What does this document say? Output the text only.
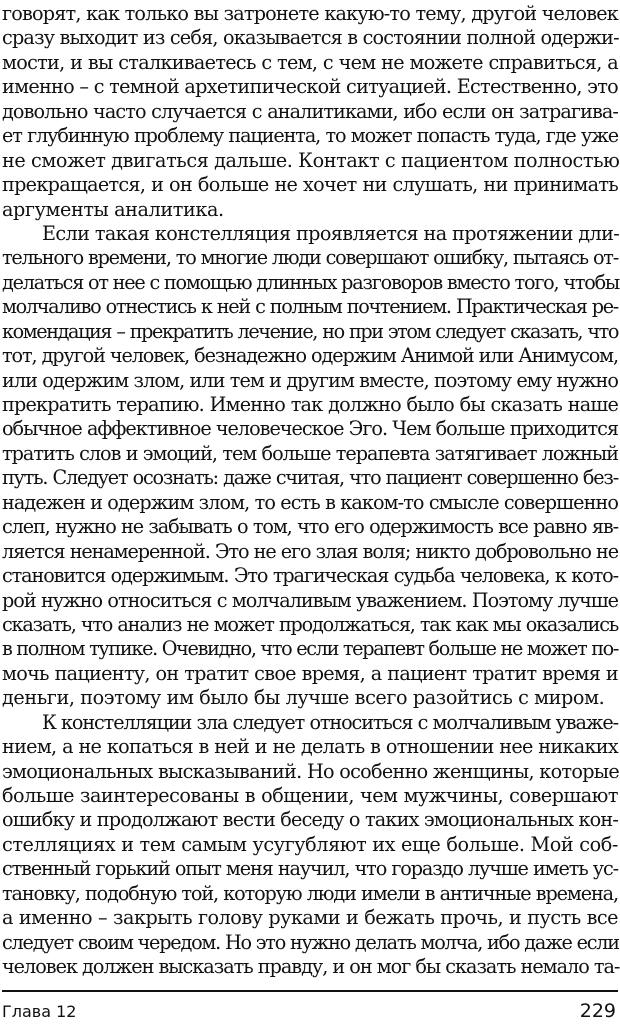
говорят, как только вы затронете какую-то тему, другой человек
сразу выходит из себя, оказывается в состоянии полной одержи-
мости, и вы сталкиваетесь с тем, с чем не можете справиться, а
именно – с темной архетипической ситуацией. Естественно, это
довольно часто случается с аналитиками, ибо если он затрагива-
ет глубинную проблему пациента, то может попасть туда, где уже
не сможет двигаться дальше. Контакт с пациентом полностью
прекращается, и он больше не хочет ни слушать, ни принимать
аргументы аналитика.
Если такая констелляция проявляется на протяжении дли-
тельного времени, то многие люди совершают ошибку, пытаясь от-
делаться от нее с помощью длинных разговоров вместо того, чтобы
молчаливо отнестись к ней с полным почтением. Практическая ре-
комендация – прекратить лечение, но при этом следует сказать, что
тот, другой человек, безнадежно одержим Анимой или Анимусом,
или одержим злом, или тем и другим вместе, поэтому ему нужно
прекратить терапию. Именно так должно было бы сказать наше
обычное аффективное человеческое Эго. Чем больше приходится
тратить слов и эмоций, тем больше терапевта затягивает ложный
путь. Следует осознать: даже считая, что пациент совершенно без-
надежен и одержим злом, то есть в каком-то смысле совершенно
слеп, нужно не забывать о том, что его одержимость все равно яв-
ляется ненамеренной. Это не его злая воля; никто добровольно не
становится одержимым. Это трагическая судьба человека, к кото-
рой нужно относиться с молчаливым уважением. Поэтому лучше
сказать, что анализ не может продолжаться, так как мы оказались
в полном тупике. Очевидно, что если терапевт больше не может по-
мочь пациенту, он тратит свое время, а пациент тратит время и
деньги, поэтому им было бы лучше всего разойтись с миром.
К констелляции зла следует относиться с молчаливым уваже-
нием, а не копаться в ней и не делать в отношении нее никаких
эмоциональных высказываний. Но особенно женщины, которые
больше заинтересованы в общении, чем мужчины, совершают
ошибку и продолжают вести беседу о таких эмоциональных кон-
стелляциях и тем самым усугубляют их еще больше. Мой соб-
ственный горький опыт меня научил, что гораздо лучше иметь ус-
тановку, подобную той, которую люди имели в античные времена,
а именно – закрыть голову руками и бежать прочь, и пусть все
следует своим чередом. Но это нужно делать молча, ибо даже если
человек должен высказать правду, и он мог бы сказать немало та-
Глава 12	229
